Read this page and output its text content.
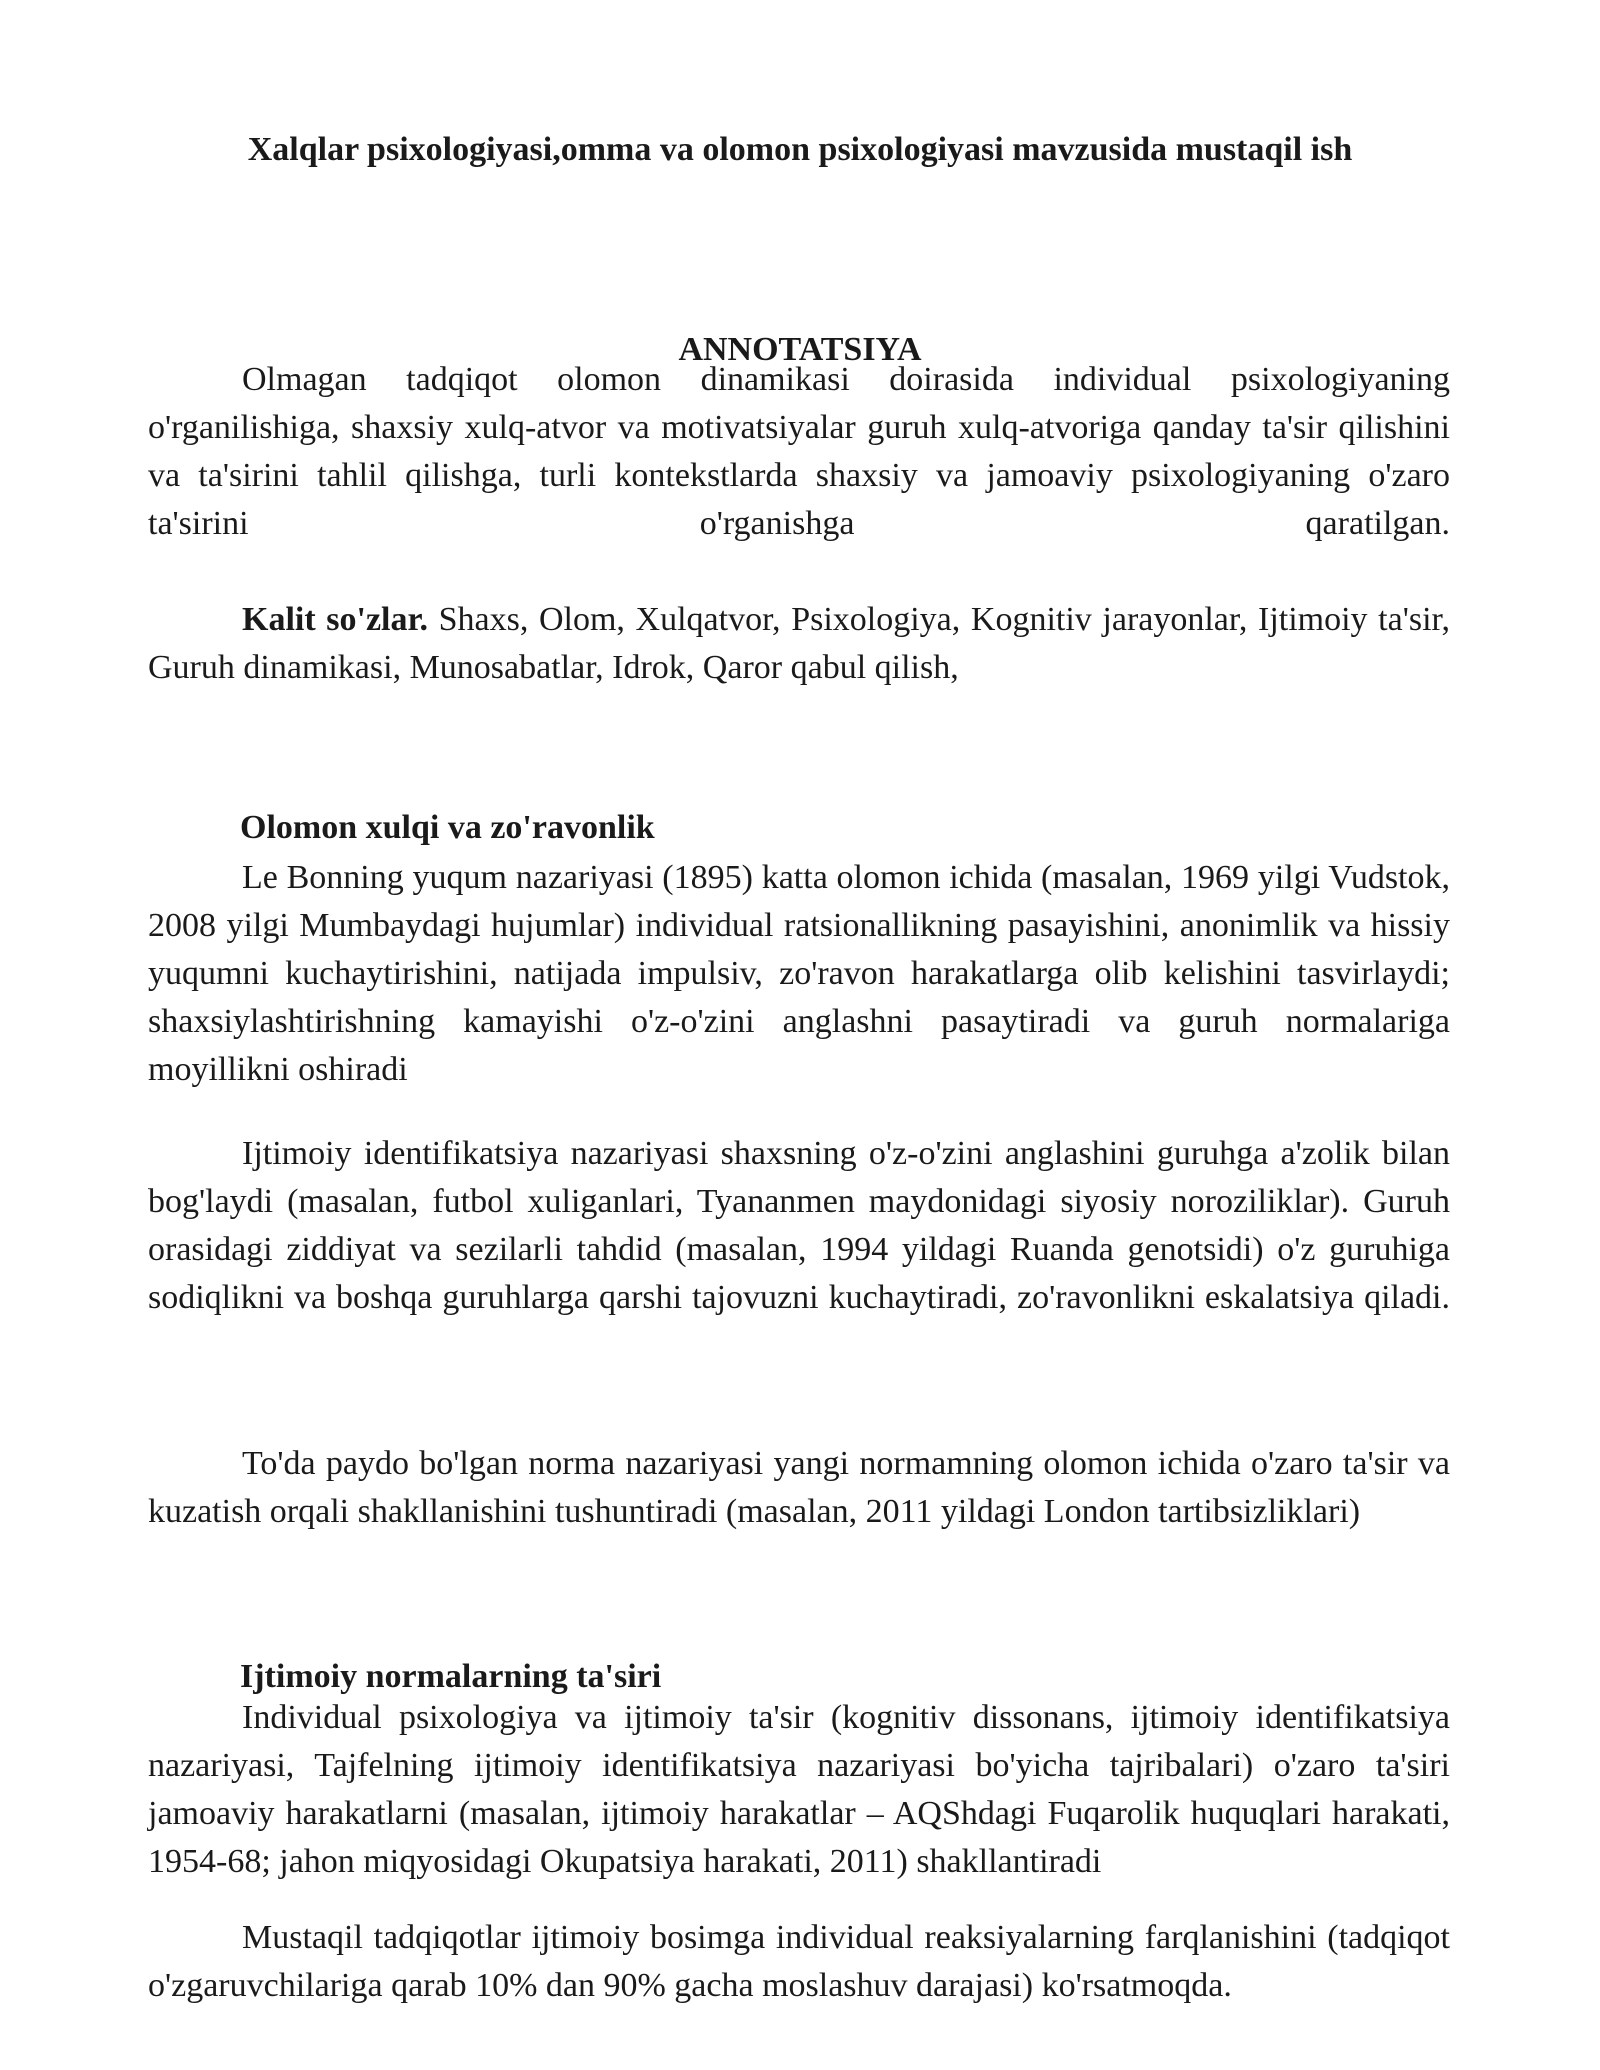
Xalqlar psixologiyasi,omma va olomon psixologiyasi mavzusida mustaqil ish
ANNOTATSIYA

Olmagan tadqiqot olomon dinamikasi doirasida individual psixologiyaning o'rganilishiga, shaxsiy xulq-atvor va motivatsiyalar guruh xulq-atvoriga qanday ta'sir qilishini va ta'sirini tahlil qilishga, turli kontekstlarda shaxsiy va jamoaviy psixologiyaning o'zaro ta'sirini o'rganishga qaratilgan.

Kalit so'zlar. Shaxs, Olom, Xulqatvor, Psixologiya, Kognitiv jarayonlar, Ijtimoiy ta'sir, Guruh dinamikasi, Munosabatlar, Idrok, Qaror qabul qilish,

Olomon xulqi va zo'ravonlik

Le Bonning yuqum nazariyasi (1895) katta olomon ichida (masalan, 1969 yilgi Vudstok, 2008 yilgi Mumbaydagi hujumlar) individual ratsionallikning pasayishini, anonimlik va hissiy yuqumni kuchaytirishini, natijada impulsiv, zo'ravon harakatlarga olib kelishini tasvirlaydi; shaxsiylashtirishning kamayishi o'z-o'zini anglashni pasaytiradi va guruh normalariga moyillikni oshiradi

Ijtimoiy identifikatsiya nazariyasi shaxsning o'z-o'zini anglashini guruhga a'zolik bilan bog'laydi (masalan, futbol xuliganlari, Tyananmen maydonidagi siyosiy noroziliklar). Guruh orasidagi ziddiyat va sezilarli tahdid (masalan, 1994 yildagi Ruanda genotsidi) o'z guruhiga sodiqlikni va boshqa guruhlarga qarshi tajovuzni kuchaytiradi, zo'ravonlikni eskalatsiya qiladi.

To'da paydo bo'lgan norma nazariyasi yangi normamning olomon ichida o'zaro ta'sir va kuzatish orqali shakllanishini tushuntiradi (masalan, 2011 yildagi London tartibsizliklari)

Ijtimoiy normalarning ta'siri

Individual psixologiya va ijtimoiy ta'sir (kognitiv dissonans, ijtimoiy identifikatsiya nazariyasi, Tajfelning ijtimoiy identifikatsiya nazariyasi bo'yicha tajribalari) o'zaro ta'siri jamoaviy harakatlarni (masalan, ijtimoiy harakatlar – AQShdagi Fuqarolik huquqlari harakati, 1954-68; jahon miqyosidagi Okupatsiya harakati, 2011) shakllantiradi

Mustaqil tadqiqotlar ijtimoiy bosimga individual reaksiyalarning farqlanishini (tadqiqot o'zgaruvchilariga qarab 10% dan 90% gacha moslashuv darajasi) ko'rsatmoqda.
